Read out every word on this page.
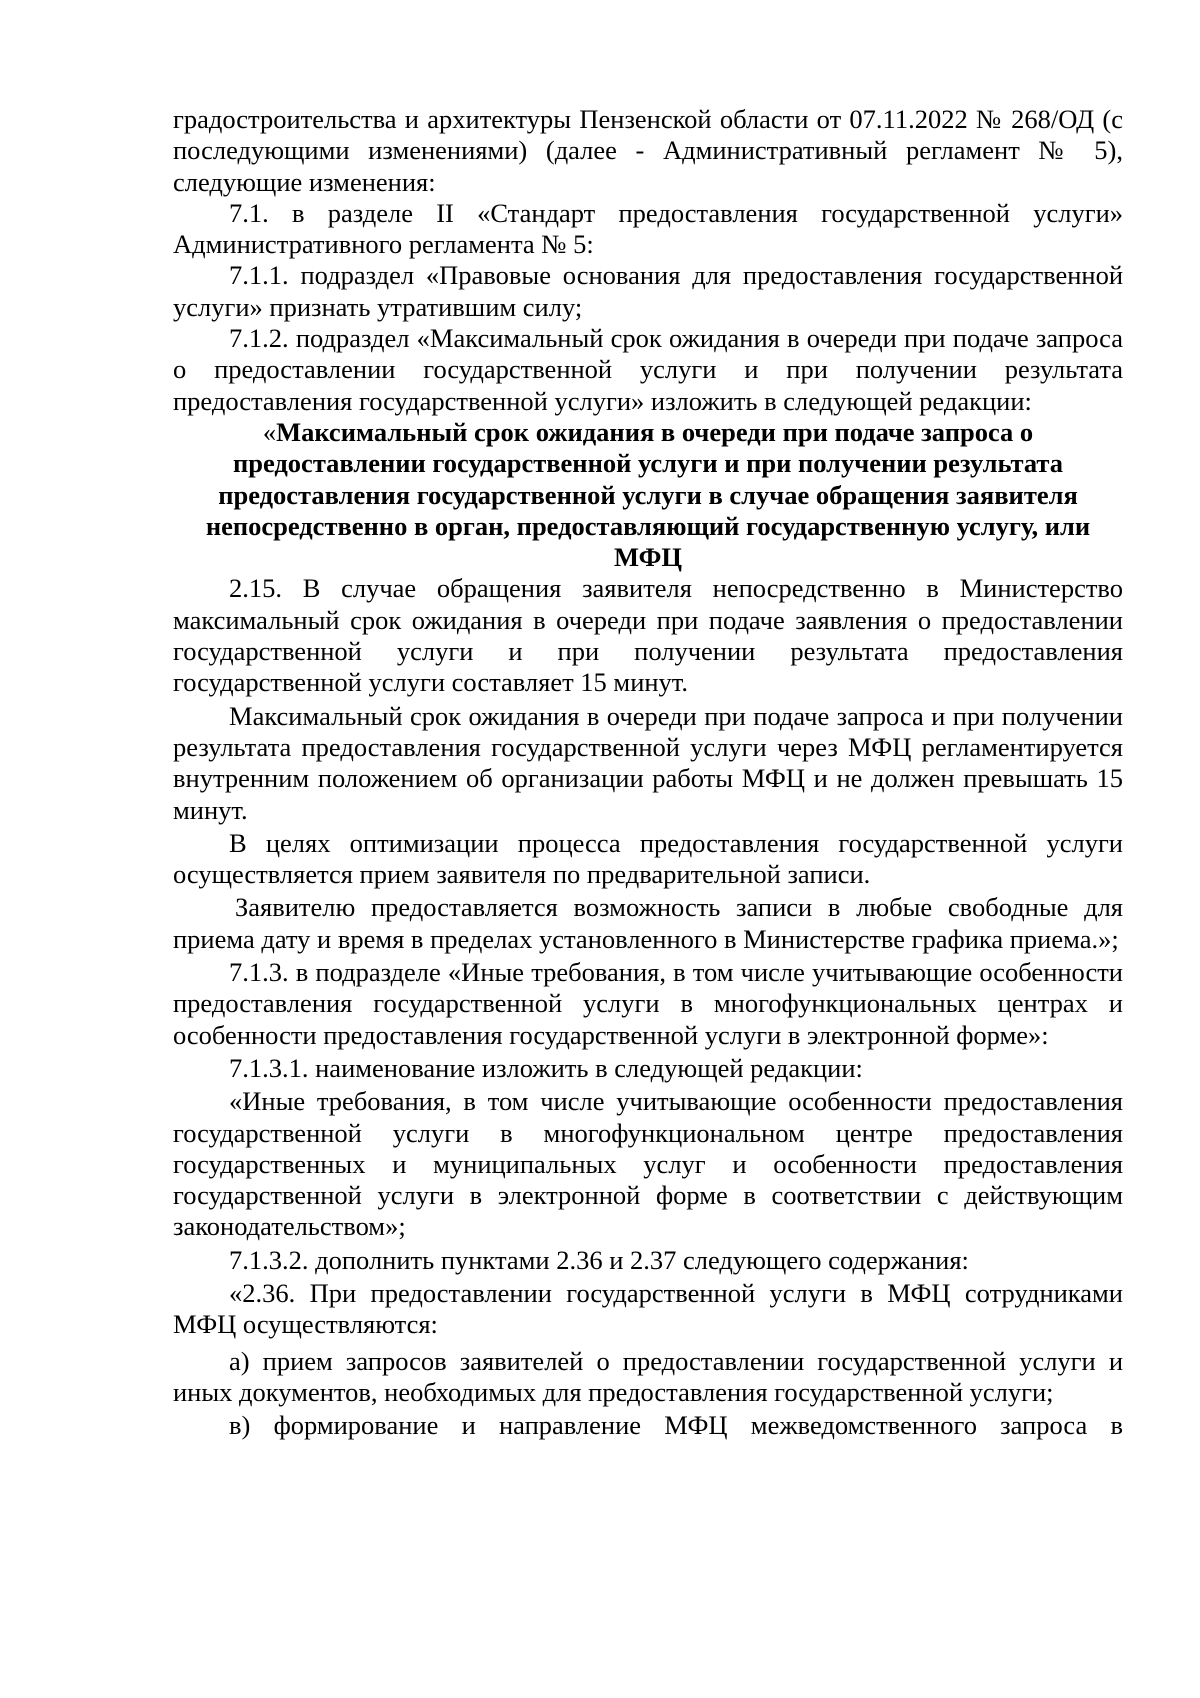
градостроительства и архитектуры Пензенской области от 07.11.2022 № 268/ОД (с последующими изменениями) (далее - Административный регламент № 5), следующие изменения:

7.1. в разделе II «Стандарт предоставления государственной услуги» Административного регламента № 5:

7.1.1. подраздел «Правовые основания для предоставления государственной услуги» признать утратившим силу;

7.1.2. подраздел «Максимальный срок ожидания в очереди при подаче запроса о предоставлении государственной услуги и при получении результата предоставления государственной услуги» изложить в следующей редакции:

«Максимальный срок ожидания в очереди при подаче запроса о предоставлении государственной услуги и при получении результата предоставления государственной услуги в случае обращения заявителя непосредственно в орган, предоставляющий государственную услугу, или МФЦ

2.15. В случае обращения заявителя непосредственно в Министерство максимальный срок ожидания в очереди при подаче заявления о предоставлении государственной услуги и при получении результата предоставления государственной услуги составляет 15 минут.

Максимальный срок ожидания в очереди при подаче запроса и при получении результата предоставления государственной услуги через МФЦ регламентируется внутренним положением об организации работы МФЦ и не должен превышать 15 минут.

В целях оптимизации процесса предоставления государственной услуги осуществляется прием заявителя по предварительной записи.

Заявителю предоставляется возможность записи в любые свободные для приема дату и время в пределах установленного в Министерстве графика приема.»;

7.1.3. в подразделе «Иные требования, в том числе учитывающие особенности предоставления государственной услуги в многофункциональных центрах и особенности предоставления государственной услуги в электронной форме»:

7.1.3.1. наименование изложить в следующей редакции:

«Иные требования, в том числе учитывающие особенности предоставления государственной услуги в многофункциональном центре предоставления государственных и муниципальных услуг и особенности предоставления государственной услуги в электронной форме в соответствии с действующим законодательством»;

7.1.3.2. дополнить пунктами 2.36 и 2.37 следующего содержания:

«2.36. При предоставлении государственной услуги в МФЦ сотрудниками МФЦ осуществляются:

а) прием запросов заявителей о предоставлении государственной услуги и иных документов, необходимых для предоставления государственной услуги;

в) формирование и направление МФЦ межведомственного запроса в
